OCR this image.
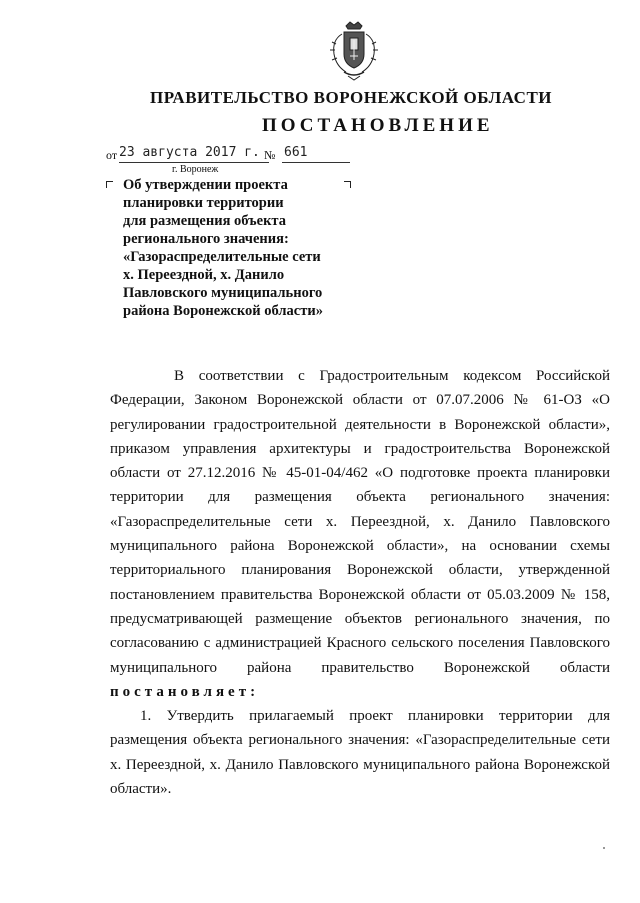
ПРАВИТЕЛЬСТВО ВОРОНЕЖСКОЙ ОБЛАСТИ
ПОСТАНОВЛЕНИЕ
от 23 августа 2017 г. № 661
г. Воронеж
Об утверждении проекта
планировки территории
для размещения объекта
регионального значения:
«Газораспределительные сети
х. Переездной, х. Данило
Павловского муниципального
района Воронежской области»
В соответствии с Градостроительным кодексом Российской
Федерации, Законом Воронежской области от 07.07.2006 № 61-ОЗ «О
регулировании градостроительной деятельности в Воронежской области»,
приказом управления архитектуры и градостроительства Воронежской
области от 27.12.2016 № 45-01-04/462 «О подготовке проекта планировки
территории для размещения объекта регионального значения:
«Газораспределительные сети х. Переездной, х. Данило Павловского
муниципального района Воронежской области», на основании схемы
территориального планирования Воронежской области, утвержденной
постановлением правительства Воронежской области от 05.03.2009 № 158,
предусматривающей размещение объектов регионального значения, по
согласованию с администрацией Красного сельского поселения Павловского
муниципального района правительство Воронежской области
постановляет:
1. Утвердить прилагаемый проект планировки территории для
размещения объекта регионального значения: «Газораспределительные сети
х. Переездной, х. Данило Павловского муниципального района Воронежской
области».
